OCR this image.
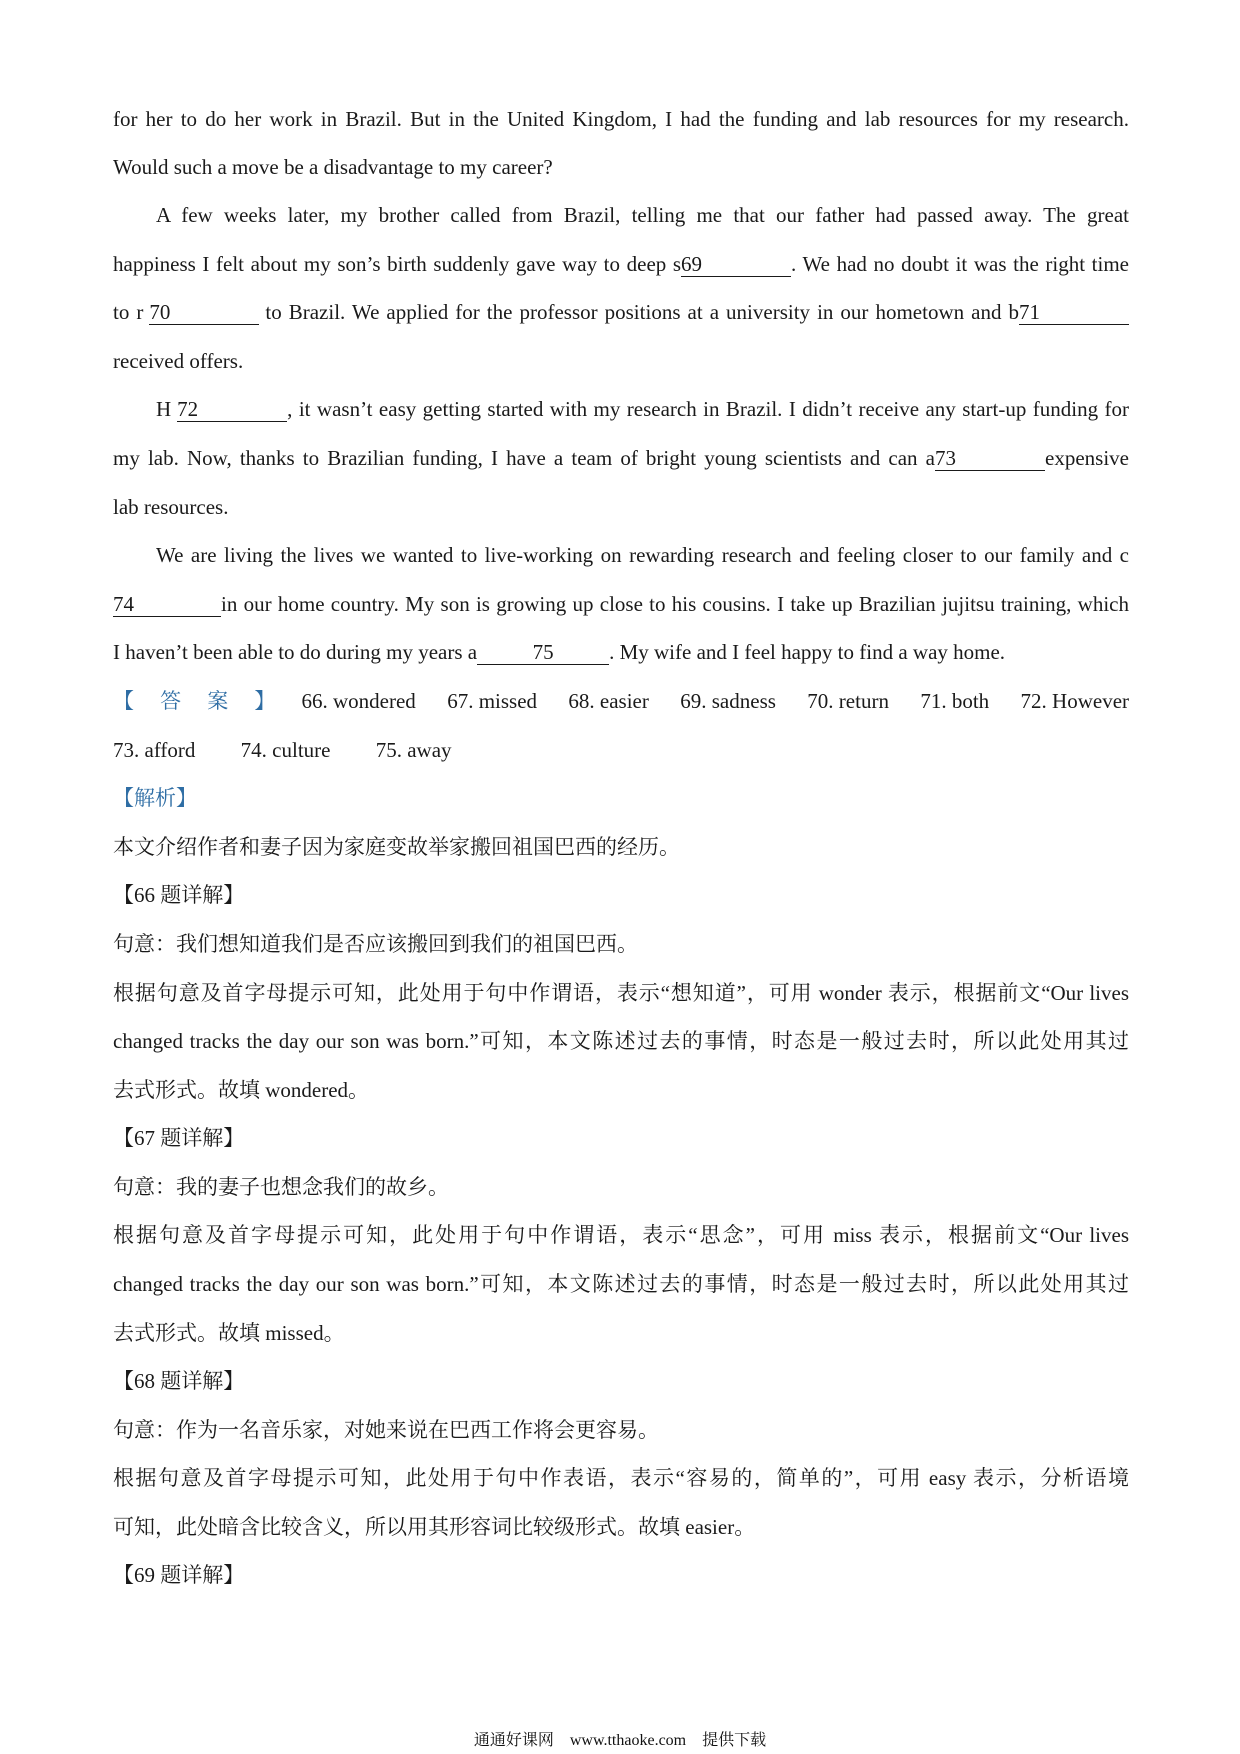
for her to do her work in Brazil. But in the United Kingdom, I had the funding and lab resources for my research.

Would such a move be a disadvantage to my career?

A few weeks later, my brother called from Brazil, telling me that our father had passed away. The great

happiness I felt about my son’s birth suddenly gave way to deep s69	. We had no doubt it was the right time

to r 70	to Brazil. We applied for the professor positions at a university in our hometown and b71

received offers.

H 72	, it wasn’t easy getting started with my research in Brazil. I didn’t receive any start-up funding for

my lab. Now, thanks to Brazilian funding, I have a team of bright young scientists and can a73	expensive

lab resources.

We are living the lives we wanted to live-working on rewarding research and feeling closer to our family and c

74	in our home country. My son is growing up close to his cousins. I take up Brazilian jujitsu training, which

I haven’t been able to do during my years a	75	. My wife and I feel happy to find a way home.

【答案】66. wondered 67. missed 68. easier 69. sadness 70. return 71. both 72. However

73. afford 74. culture 75. away

【解析】

本文介绍作者和妻子因为家庭变故举家搬回祖国巴西的经历。

【66 题详解】

句意：我们想知道我们是否应该搬回到我们的祖国巴西。

根据句意及首字母提示可知，此处用于句中作谓语，表示“想知道”，可用 wonder 表示，根据前文“Our lives

changed tracks the day our son was born.”可知，本文陈述过去的事情，时态是一般过去时，所以此处用其过

去式形式。故填 wondered。

【67 题详解】

句意：我的妻子也想念我们的故乡。

根据句意及首字母提示可知，此处用于句中作谓语，表示“思念”，可用 miss 表示，根据前文“Our lives

changed tracks the day our son was born.”可知，本文陈述过去的事情，时态是一般过去时，所以此处用其过

去式形式。故填 missed。

【68 题详解】

句意：作为一名音乐家，对她来说在巴西工作将会更容易。

根据句意及首字母提示可知，此处用于句中作表语，表示“容易的，简单的”，可用 easy 表示，分析语境

可知，此处暗含比较含义，所以用其形容词比较级形式。故填 easier。

【69 题详解】

通通好课网 www.tthaoke.com 提供下载
